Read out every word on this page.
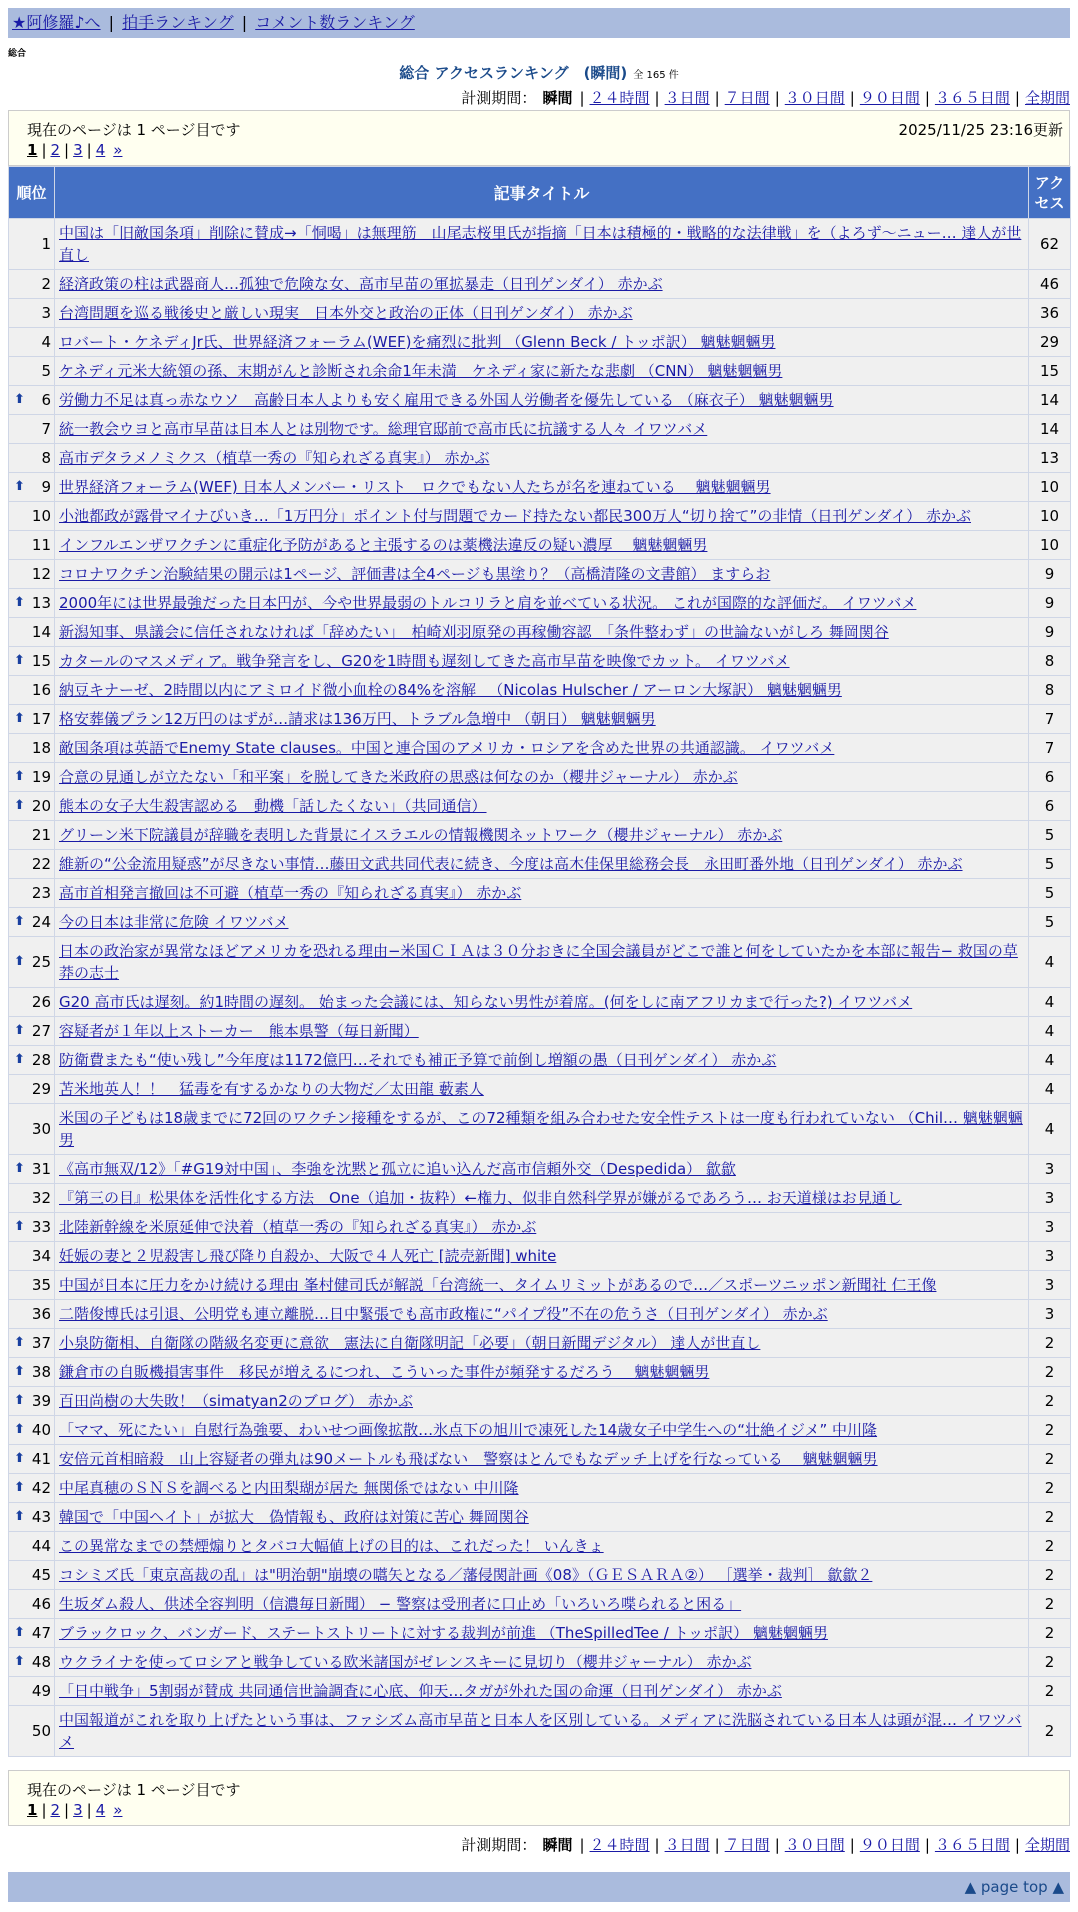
★阿修羅♪へ | 拍手ランキング | コメント数ランキング
総合
総合 アクセスランキング　(瞬間) 全 165 件
計測期間： 瞬間 | ２４時間 | ３日間 | ７日間 | ３０日間 | ９０日間 | ３６５日間 | 全期間
現在のページは 1 ページ目です	2025/11/25 23:16更新
1 | 2 | 3 | 4 »
順位	記事タイトル	アクセス
1	中国は「旧敵国条項」削除に賛成→「恫喝」は無理筋　山尾志桜里氏が指摘「日本は積極的・戦略的な法律戦」を（よろず〜ニュー… 達人が世直し	62
2	経済政策の柱は武器商人…孤独で危険な女、高市早苗の軍拡暴走（日刊ゲンダイ） 赤かぶ	46
3	台湾問題を巡る戦後史と厳しい現実　日本外交と政治の正体（日刊ゲンダイ） 赤かぶ	36
4	ロバート・ケネディJr氏、世界経済フォーラム(WEF)を痛烈に批判 （Glenn Beck / トッポ訳） 魑魅魍魎男	29
5	ケネディ元米大統領の孫、末期がんと診断され余命1年未満　ケネディ家に新たな悲劇 （CNN） 魑魅魍魎男	15

⬆ 6	労働力不足は真っ赤なウソ　高齢日本人よりも安く雇用できる外国人労働者を優先している （麻衣子） 魑魅魍魎男	14
7	統一教会ウヨと高市早苗は日本人とは別物です。総理官邸前で高市氏に抗議する人々 イワツバメ	14
8	高市デタラメノミクス（植草一秀の『知られざる真実』） 赤かぶ	13

⬆ 9	世界経済フォーラム(WEF) 日本人メンバー・リスト　ロクでもない人たちが名を連ねている　 魑魅魍魎男	10
10	小池都政が露骨マイナびいき…「1万円分」ポイント付与問題でカード持たない都民300万人“切り捨て”の非情（日刊ゲンダイ） 赤かぶ	10
11	インフルエンザワクチンに重症化予防があると主張するのは薬機法違反の疑い濃厚　 魑魅魍魎男	10
12	コロナワクチン治験結果の開示は1ページ、評価書は全4ページも黒塗り？（高橋清隆の文書館） ますらお	9

⬆ 13	2000年には世界最強だった日本円が、今や世界最弱のトルコリラと肩を並べている状況。 これが国際的な評価だ。 イワツバメ	9
14	新潟知事、県議会に信任されなければ「辞めたい」　柏崎刈羽原発の再稼働容認　「条件整わず」の世論ないがしろ 舞岡関谷	9

⬆ 15	カタールのマスメディア。戦争発言をし、G20を1時間も遅刻してきた高市早苗を映像でカット。 イワツバメ	8
16	納豆キナーゼ、2時間以内にアミロイド微小血栓の84%を溶解 　（Nicolas Hulscher / アーロン大塚訳） 魑魅魍魎男	8

⬆ 17	格安葬儀プラン12万円のはずが…請求は136万円、トラブル急増中 （朝日） 魑魅魍魎男	7
18	敵国条項は英語でEnemy State clauses。中国と連合国のアメリカ・ロシアを含めた世界の共通認識。 イワツバメ	7

⬆ 19	合意の見通しが立たない「和平案」を脱してきた米政府の思惑は何なのか（櫻井ジャーナル） 赤かぶ	6

⬆ 20	熊本の女子大生殺害認める　動機「話したくない」（共同通信）	6
21	グリーン米下院議員が辞職を表明した背景にイスラエルの情報機関ネットワーク（櫻井ジャーナル） 赤かぶ	5
22	維新の“公金流用疑惑”が尽きない事情…藤田文武共同代表に続き、今度は高木佳保里総務会長　永田町番外地（日刊ゲンダイ） 赤かぶ	5
23	高市首相発言撤回は不可避（植草一秀の『知られざる真実』） 赤かぶ	5

⬆ 24	今の日本は非常に危険 イワツバメ	5

⬆ 25	日本の政治家が異常なほどアメリカを恐れる理由−米国ＣＩＡは３０分おきに全国会議員がどこで誰と何をしていたかを本部に報告− 救国の草莽の志士	4
26	G20 高市氏は遅刻。約1時間の遅刻。 始まった会議には、知らない男性が着席。(何をしに南アフリカまで行った?) イワツバメ	4

⬆ 27	容疑者が１年以上ストーカー　熊本県警（毎日新聞）	4

⬆ 28	防衛費またも“使い残し”今年度は1172億円…それでも補正予算で前倒し増額の愚（日刊ゲンダイ） 赤かぶ	4
29	苫米地英人！！　猛毒を有するかなりの大物だ／太田龍 藪素人	4
30	米国の子どもは18歳までに72回のワクチン接種をするが、この72種類を組み合わせた安全性テストは一度も行われていない （Chil… 魑魅魍魎男	4

⬆ 31	《高市無双/12》「#G19対中国」、李強を沈黙と孤立に追い込んだ高市信頼外交（Despedida） 歙歙	3
32	『第三の目』松果体を活性化する方法　One（追加・抜粋）←権力、似非自然科学界が嫌がるであろう… お天道様はお見通し	3

⬆ 33	北陸新幹線を米原延伸で決着（植草一秀の『知られざる真実』） 赤かぶ	3
34	妊娠の妻と２児殺害し飛び降り自殺か、大阪で４人死亡 [読売新聞] white	3
35	中国が日本に圧力をかけ続ける理由 峯村健司氏が解説「台湾統一、タイムリミットがあるので…／スポーツニッポン新聞社 仁王像	3
36	二階俊博氏は引退、公明党も連立離脱…日中緊張でも高市政権に“パイプ役”不在の危うさ（日刊ゲンダイ） 赤かぶ	3

⬆ 37	小泉防衛相、自衛隊の階級名変更に意欲　憲法に自衛隊明記「必要」（朝日新聞デジタル） 達人が世直し	2

⬆ 38	鎌倉市の自販機損害事件　移民が増えるにつれ、こういった事件が頻発するだろう　 魑魅魍魎男	2

⬆ 39	百田尚樹の大失敗！（simatyan2のブログ） 赤かぶ	2

⬆ 40	「ママ、死にたい」自慰行為強要、わいせつ画像拡散…氷点下の旭川で凍死した14歳女子中学生への“壮絶イジメ” 中川隆	2

⬆ 41	安倍元首相暗殺　山上容疑者の弾丸は90メートルも飛ばない　警察はとんでもなデッチ上げを行なっている 　魑魅魍魎男	2

⬆ 42	中尾真穂のＳＮＳを調べると内田梨瑚が居た 無関係ではない 中川隆	2

⬆ 43	韓国で「中国ヘイト」が拡大　偽情報も、政府は対策に苦心 舞岡関谷	2
44	この異常なまでの禁煙煽りとタバコ大幅値上げの目的は、これだった！ いんきょ	2
45	コシミズ氏「東京高裁の乱」は"明治朝"崩壊の嚆矢となる／藩侵関計画《08》（ＧＥＳＡＲＡ②） ［選挙・裁判］ 歙歙２	2
46	生坂ダム殺人、供述全容判明（信濃毎日新聞） − 警察は受刑者に口止め「いろいろ喋られると困る」	2

⬆ 47	ブラックロック、バンガード、ステートストリートに対する裁判が前進 （TheSpilledTee / トッポ訳） 魑魅魍魎男	2

⬆ 48	ウクライナを使ってロシアと戦争している欧米諸国がゼレンスキーに見切り（櫻井ジャーナル） 赤かぶ	2
49	「日中戦争」5割弱が賛成 共同通信世論調査に心底、仰天…タガが外れた国の命運（日刊ゲンダイ） 赤かぶ	2
50	中国報道がこれを取り上げたという事は、ファシズム高市早苗と日本人を区別している。メディアに洗脳されている日本人は頭が混… イワツバメ	2
現在のページは 1 ページ目です
1 | 2 | 3 | 4 »
計測期間： 瞬間 | ２４時間 | ３日間 | ７日間 | ３０日間 | ９０日間 | ３６５日間 | 全期間
▲ page top ▲
